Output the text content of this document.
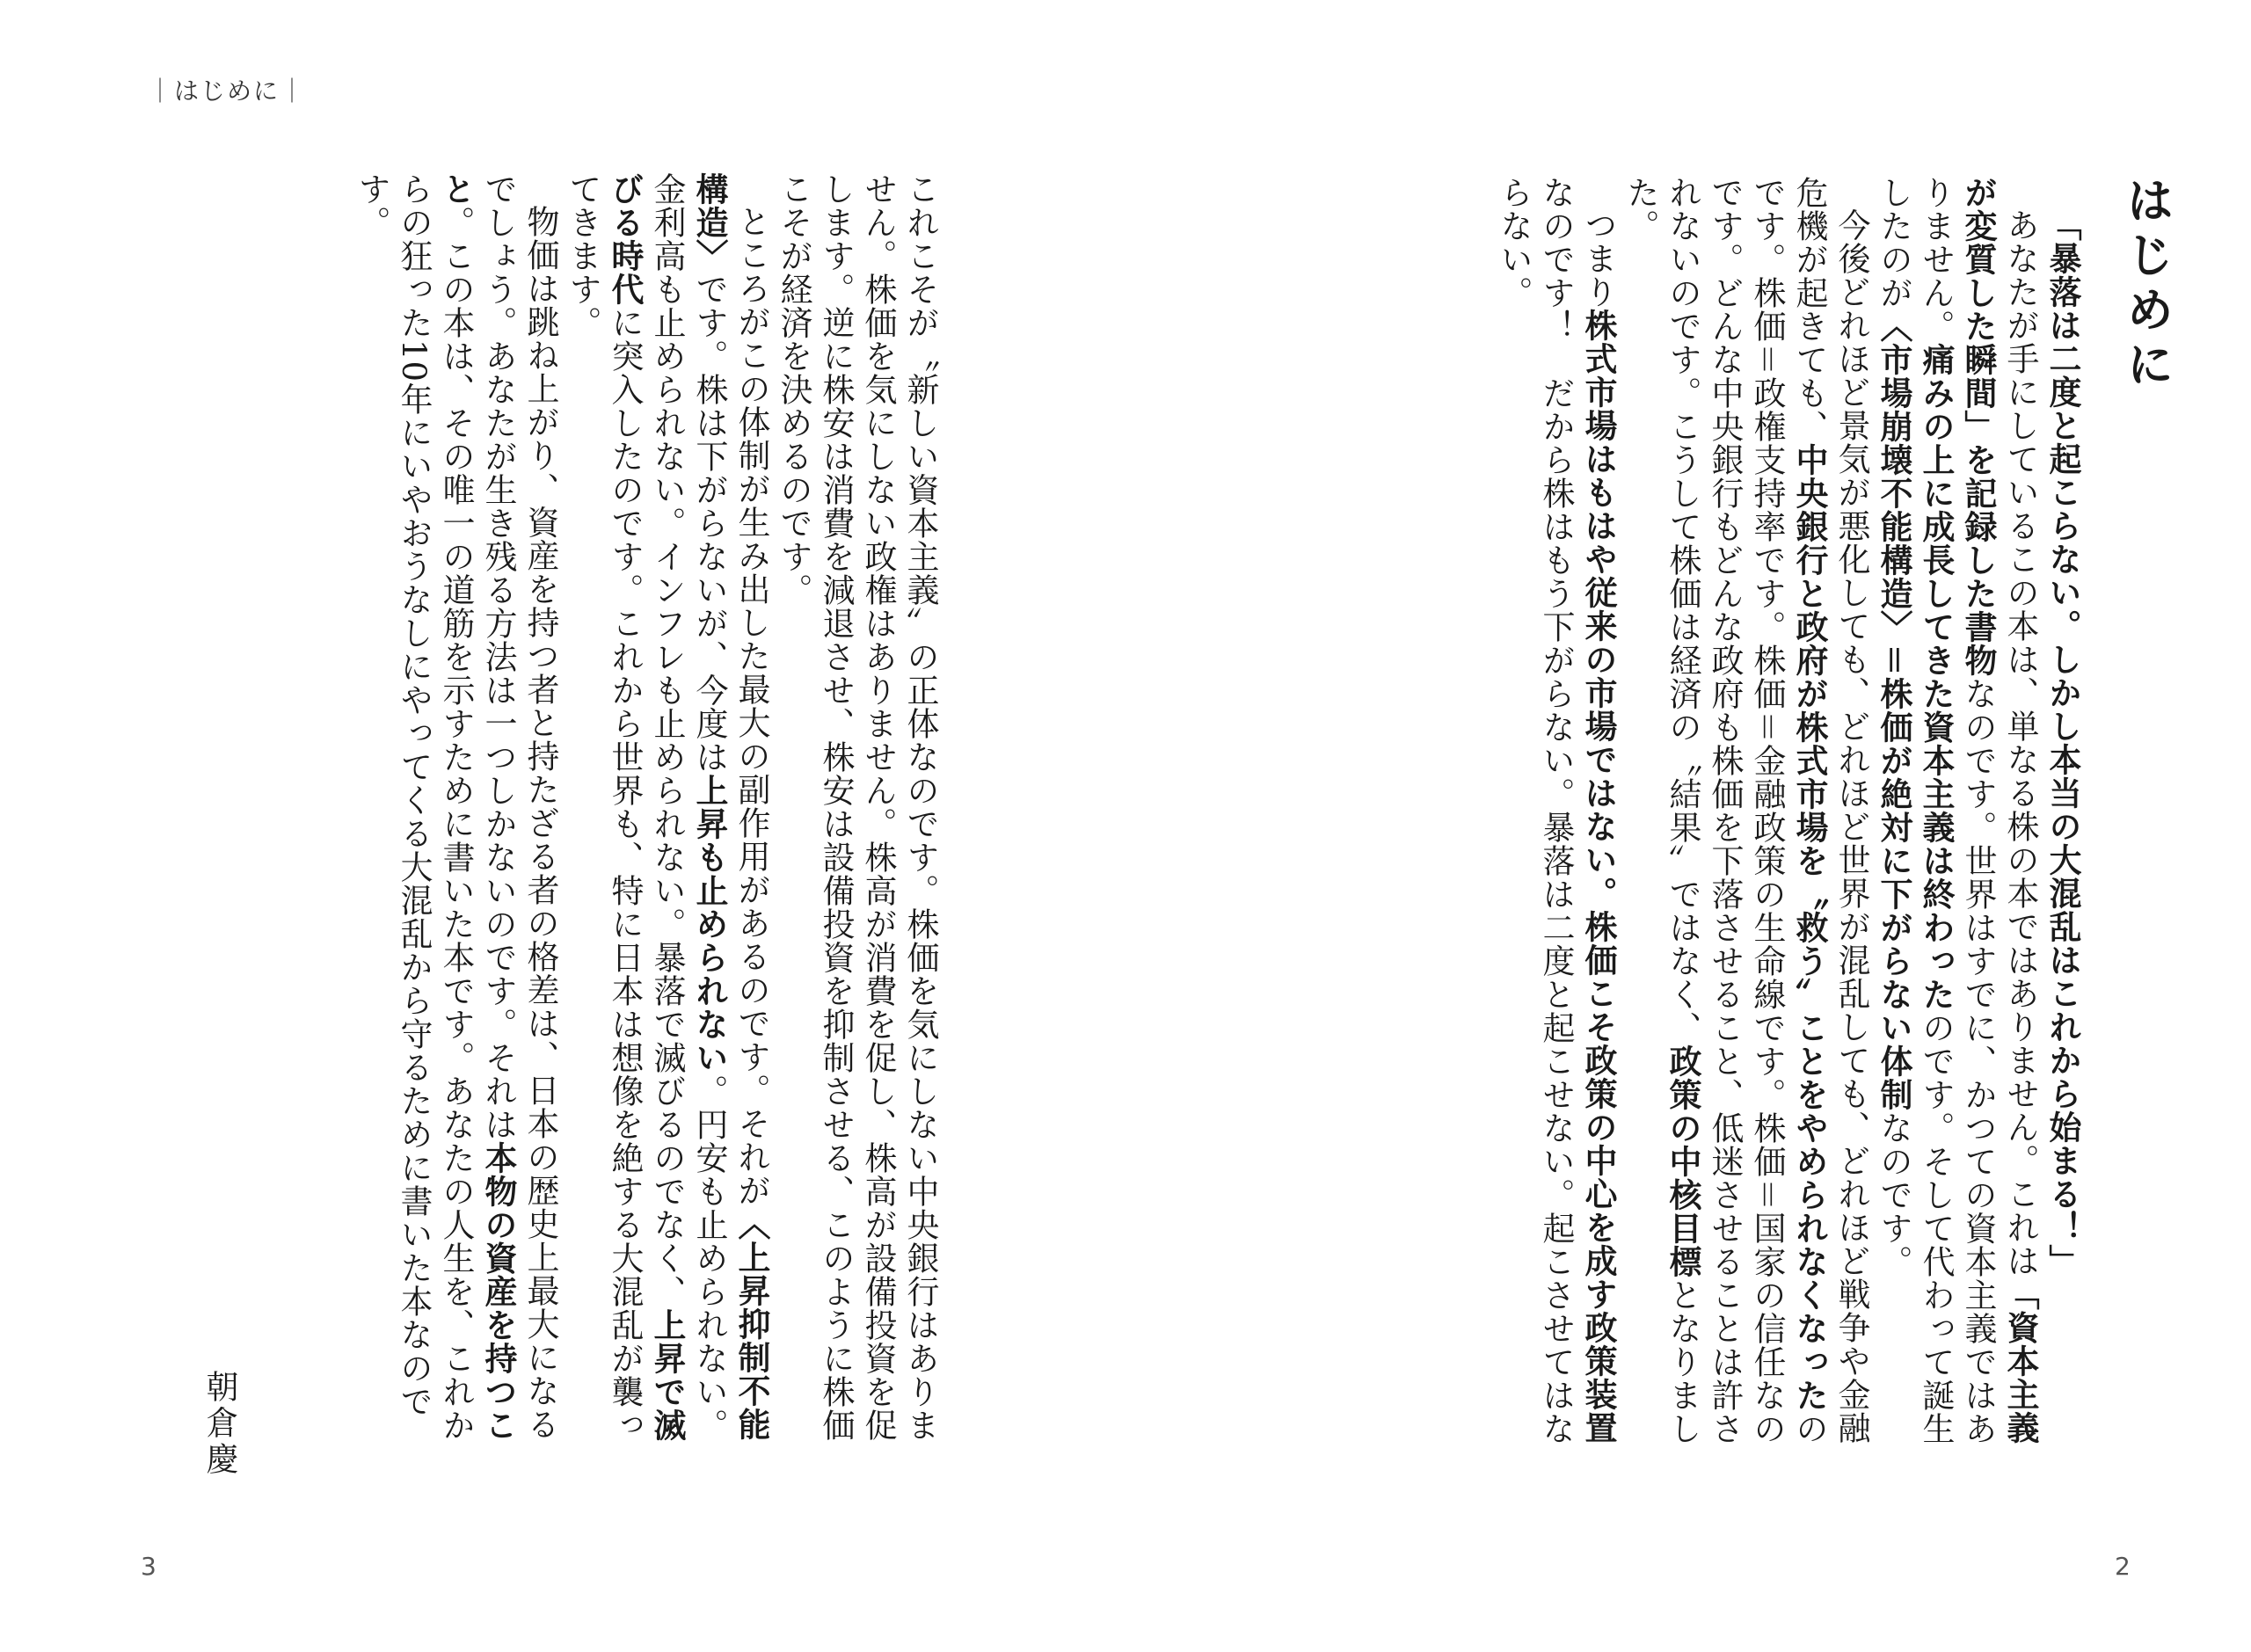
｜はじめに｜

これこそが〝新しい資本主義〟の正体なのです。株価を気にしない中央銀行はありません。株価を気にしない政権はありません。株高が消費を促し、株高が設備投資を促します。逆に株安は消費を減退させ、株安は設備投資を抑制させる、このように株価こそが経済を決めるのです。

ところがこの体制が生み出した最大の副作用があるのです。それが〈上昇抑制不能構造〉です。株は下がらないが、今度は上昇も止められない。円安も止められない。金利高も止められない。インフレも止められない。暴落で滅びるのでなく、上昇で滅びる時代に突入したのです。これから世界も、特に日本は想像を絶する大混乱が襲ってきます。

物価は跳ね上がり、資産を持つ者と持たざる者の格差は、日本の歴史上最大になるでしょう。あなたが生き残る方法は一つしかないのです。それは本物の資産を持つこと。この本は、その唯一の道筋を示すために書いた本です。あなたの人生を、これからの狂った10年にいやおうなしにやってくる大混乱から守るために書いた本なのです。

朝倉慶
3
はじめに

「暴落は二度と起こらない。しかし本当の大混乱はこれから始まる！」

あなたが手にしているこの本は、単なる株の本ではありません。これは「資本主義が変質した瞬間」を記録した書物なのです。世界はすでに、かつての資本主義ではありません。痛みの上に成長してきた資本主義は終わったのです。そして代わって誕生したのが〈市場崩壊不能構造〉＝株価が絶対に下がらない体制なのです。

今後どれほど景気が悪化しても、どれほど世界が混乱しても、どれほど戦争や金融危機が起きても、中央銀行と政府が株式市場を〝救う〟ことをやめられなくなったのです。株価＝政権支持率です。株価＝金融政策の生命線です。株価＝国家の信任なのです。どんな中央銀行もどんな政府も株価を下落させること、低迷させることは許されないのです。こうして株価は経済の〝結果〟ではなく、政策の中核目標となりました。

つまり株式市場はもはや従来の市場ではない。株価こそ政策の中心を成す政策装置なのです！　だから株はもう下がらない。暴落は二度と起こせない。起こさせてはならない。

2
